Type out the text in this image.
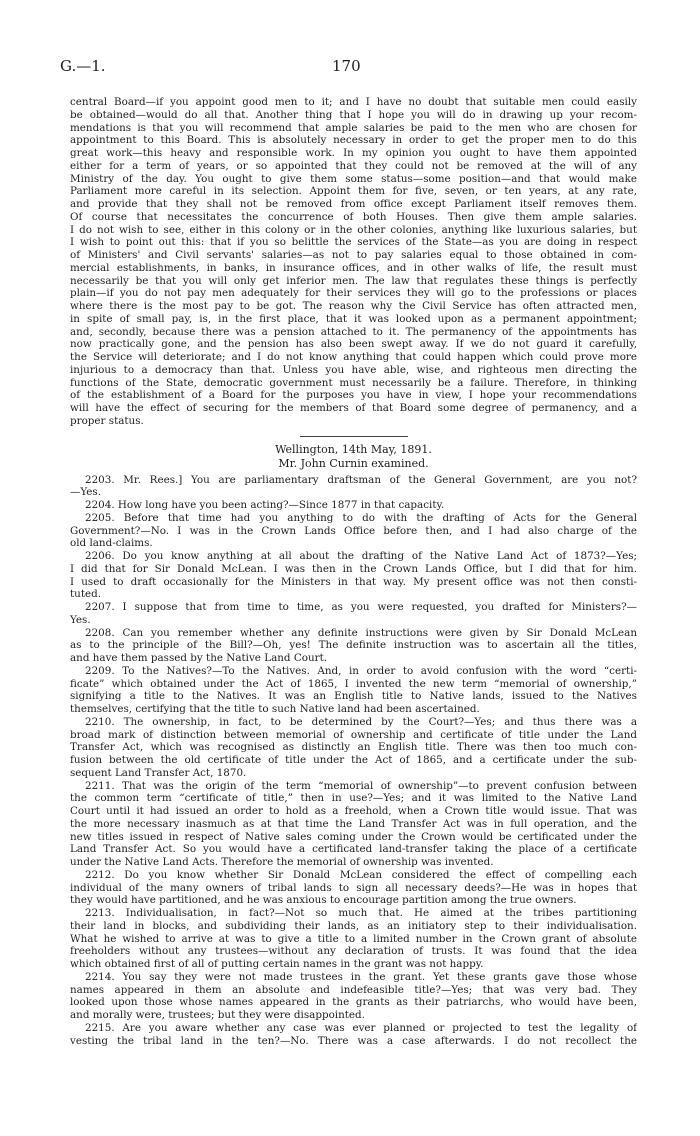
G.—1.	170
central Board—if you appoint good men to it; and I have no doubt that suitable men could easily
be obtained—would do all that. Another thing that I hope you will do in drawing up your recom-
mendations is that you will recommend that ample salaries be paid to the men who are chosen for
appointment to this Board. This is absolutely necessary in order to get the proper men to do this
great work—this heavy and responsible work. In my opinion you ought to have them appointed
either for a term of years, or so appointed that they could not be removed at the will of any
Ministry of the day. You ought to give them some status—some position—and that would make
Parliament more careful in its selection. Appoint them for five, seven, or ten years, at any rate,
and provide that they shall not be removed from office except Parliament itself removes them.
Of course that necessitates the concurrence of both Houses. Then give them ample salaries.
I do not wish to see, either in this colony or in the other colonies, anything like luxurious salaries, but
I wish to point out this: that if you so belittle the services of the State—as you are doing in respect
of Ministers' and Civil servants' salaries—as not to pay salaries equal to those obtained in com-
mercial establishments, in banks, in insurance offices, and in other walks of life, the result must
necessarily be that you will only get inferior men. The law that regulates these things is perfectly
plain—if you do not pay men adequately for their services they will go to the professions or places
where there is the most pay to be got. The reason why the Civil Service has often attracted men,
in spite of small pay, is, in the first place, that it was looked upon as a permanent appointment;
and, secondly, because there was a pension attached to it. The permanency of the appointments has
now practically gone, and the pension has also been swept away. If we do not guard it carefully,
the Service will deteriorate; and I do not know anything that could happen which could prove more
injurious to a democracy than that. Unless you have able, wise, and righteous men directing the
functions of the State, democratic government must necessarily be a failure. Therefore, in thinking
of the establishment of a Board for the purposes you have in view, I hope your recommendations
will have the effect of securing for the members of that Board some degree of permanency, and a
proper status.
Wellington, 14th May, 1891.
Mr. John Curnin examined.
2203. Mr. Rees.] You are parliamentary draftsman of the General Government, are you not?
—Yes.
2204. How long have you been acting?—Since 1877 in that capacity.
2205. Before that time had you anything to do with the drafting of Acts for the General
Government?—No. I was in the Crown Lands Office before then, and I had also charge of the
old land-claims.
2206. Do you know anything at all about the drafting of the Native Land Act of 1873?—Yes;
I did that for Sir Donald McLean. I was then in the Crown Lands Office, but I did that for him.
I used to draft occasionally for the Ministers in that way. My present office was not then consti-
tuted.
2207. I suppose that from time to time, as you were requested, you drafted for Ministers?—
Yes.
2208. Can you remember whether any definite instructions were given by Sir Donald McLean
as to the principle of the Bill?—Oh, yes! The definite instruction was to ascertain all the titles,
and have them passed by the Native Land Court.
2209. To the Natives?—To the Natives. And, in order to avoid confusion with the word “certi-
ficate” which obtained under the Act of 1865, I invented the new term “memorial of ownership,”
signifying a title to the Natives. It was an English title to Native lands, issued to the Natives
themselves, certifying that the title to such Native land had been ascertained.
2210. The ownership, in fact, to be determined by the Court?—Yes; and thus there was a
broad mark of distinction between memorial of ownership and certificate of title under the Land
Transfer Act, which was recognised as distinctly an English title. There was then too much con-
fusion between the old certificate of title under the Act of 1865, and a certificate under the sub-
sequent Land Transfer Act, 1870.
2211. That was the origin of the term “memorial of ownership”—to prevent confusion between
the common term “certificate of title,” then in use?—Yes; and it was limited to the Native Land
Court until it had issued an order to hold as a freehold, when a Crown title would issue. That was
the more necessary inasmuch as at that time the Land Transfer Act was in full operation, and the
new titles issued in respect of Native sales coming under the Crown would be certificated under the
Land Transfer Act. So you would have a certificated land-transfer taking the place of a certificate
under the Native Land Acts. Therefore the memorial of ownership was invented.
2212. Do you know whether Sir Donald McLean considered the effect of compelling each
individual of the many owners of tribal lands to sign all necessary deeds?—He was in hopes that
they would have partitioned, and he was anxious to encourage partition among the true owners.
2213. Individualisation, in fact?—Not so much that. He aimed at the tribes partitioning
their land in blocks, and subdividing their lands, as an initiatory step to their individualisation.
What he wished to arrive at was to give a title to a limited number in the Crown grant of absolute
freeholders without any trustees—without any declaration of trusts. It was found that the idea
which obtained first of all of putting certain names in the grant was not happy.
2214. You say they were not made trustees in the grant. Yet these grants gave those whose
names appeared in them an absolute and indefeasible title?—Yes; that was very bad. They
looked upon those whose names appeared in the grants as their patriarchs, who would have been,
and morally were, trustees; but they were disappointed.
2215. Are you aware whether any case was ever planned or projected to test the legality of
vesting the tribal land in the ten?—No. There was a case afterwards. I do not recollect the
